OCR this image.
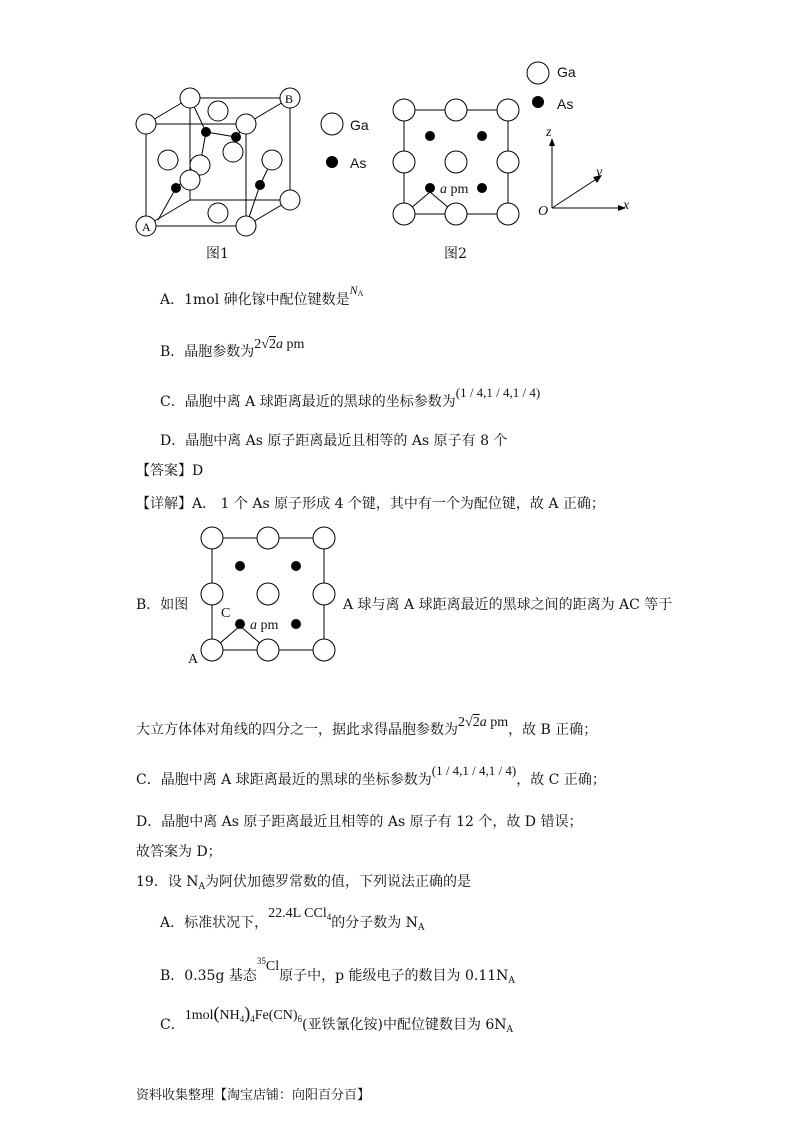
A
B
Ga
As
图1
a pm
图2
Ga
As
z
y
x
O
A．1mol 砷化镓中配位键数是$N^A$
B．晶胞参数为2√2a pm
C．晶胞中离 A 球距离最近的黑球的坐标参数为(1 / 4,1 / 4,1 / 4)
D．晶胞中离 As 原子距离最近且相等的 As 原子有 8 个
【答案】D
【详解】A． 1 个 As 原子形成 4 个键，其中有一个为配位键，故 A 正确；
C
A
a pm
B．如图	A 球与离 A 球距离最近的黑球之间的距离为 AC 等于
大立方体体对角线的四分之一，据此求得晶胞参数为2√2a pm，故 B 正确；
C．晶胞中离 A 球距离最近的黑球的坐标参数为(1 / 4,1 / 4,1 / 4)，故 C 正确；
D．晶胞中离 As 原子距离最近且相等的 As 原子有 12 个，故 D 错误；
故答案为 D；
19．设 $N_A$为阿伏加德罗常数的值，下列说法正确的是
A．标准状况下，22.4L CCl$_4$的分子数为 $N_A$
B．0.35g 基态$^{35}$Cl原子中，p 能级电子的数目为 $0.11N_A$
C．$1mol(NH_4)_4Fe(CN)_6$(亚铁氰化铵)中配位键数目为 $6N_A$
资料收集整理【淘宝店铺：向阳百分百】
